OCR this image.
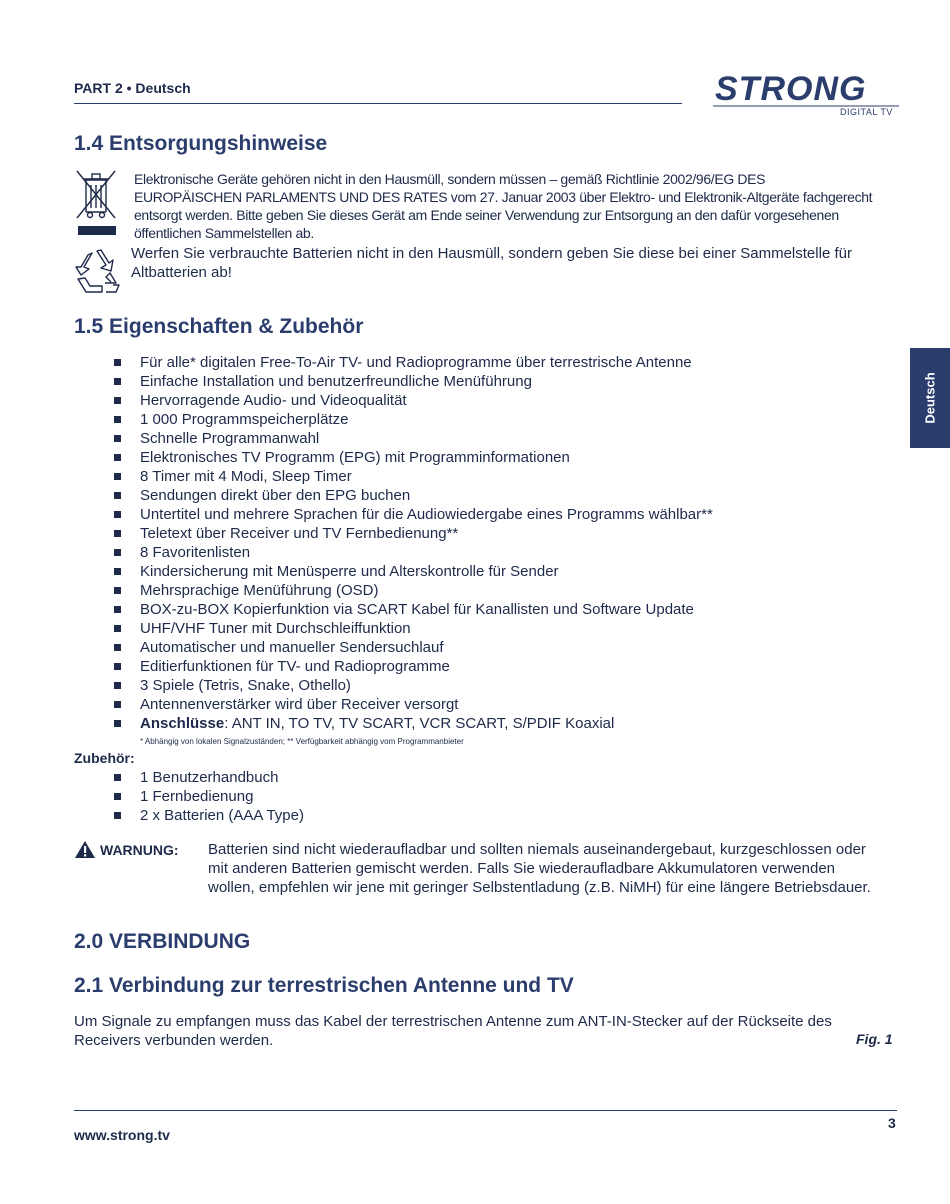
PART 2 • Deutsch	STRONG
DIGITAL TV
Deutsch
1.4 Entsorgungshinweise
Elektronische Geräte gehören nicht in den Hausmüll, sondern müssen – gemäß Richtlinie 2002/96/EG DES EUROPÄISCHEN PARLAMENTS UND DES RATES vom 27. Januar 2003 über Elektro- und Elektronik-Altgeräte fachgerecht entsorgt werden. Bitte geben Sie dieses Gerät am Ende seiner Verwendung zur Entsorgung an den dafür vorgesehenen öffentlichen Sammelstellen ab.
Werfen Sie verbrauchte Batterien nicht in den Hausmüll, sondern geben Sie diese bei einer Sammelstelle für Altbatterien ab!
1.5 Eigenschaften & Zubehör
Für alle* digitalen Free-To-Air TV- und Radioprogramme über terrestrische Antenne
Einfache Installation und benutzerfreundliche Menüführung
Hervorragende Audio- und Videoqualität
1 000 Programmspeicherplätze
Schnelle Programmanwahl
Elektronisches TV Programm (EPG) mit Programminformationen
8 Timer mit 4 Modi, Sleep Timer
Sendungen direkt über den EPG buchen
Untertitel und mehrere Sprachen für die Audiowiedergabe eines Programms wählbar**
Teletext über Receiver und TV Fernbedienung**
8 Favoritenlisten
Kindersicherung mit Menüsperre und Alterskontrolle für Sender
Mehrsprachige Menüführung (OSD)
BOX-zu-BOX Kopierfunktion via SCART Kabel für Kanallisten und Software Update
UHF/VHF Tuner mit Durchschleiffunktion
Automatischer und manueller Sendersuchlauf
Editierfunktionen für TV- und Radioprogramme
3 Spiele (Tetris, Snake, Othello)
Antennenverstärker wird über Receiver versorgt
Anschlüsse: ANT IN, TO TV, TV SCART, VCR SCART, S/PDIF Koaxial
* Abhängig von lokalen Signalzuständen; ** Verfügbarkeit abhängig vom Programmanbieter
Zubehör:
1 Benutzerhandbuch
1 Fernbedienung
2 x Batterien (AAA Type)
WARNUNG: Batterien sind nicht wiederaufladbar und sollten niemals auseinandergebaut, kurzgeschlossen oder mit anderen Batterien gemischt werden. Falls Sie wiederaufladbare Akkumulatoren verwenden wollen, empfehlen wir jene mit geringer Selbstentladung (z.B. NiMH) für eine längere Betriebsdauer.
2.0 VERBINDUNG
2.1 Verbindung zur terrestrischen Antenne und TV
Um Signale zu empfangen muss das Kabel der terrestrischen Antenne zum ANT-IN-Stecker auf der Rückseite des Receivers verbunden werden.	Fig. 1
3
www.strong.tv
